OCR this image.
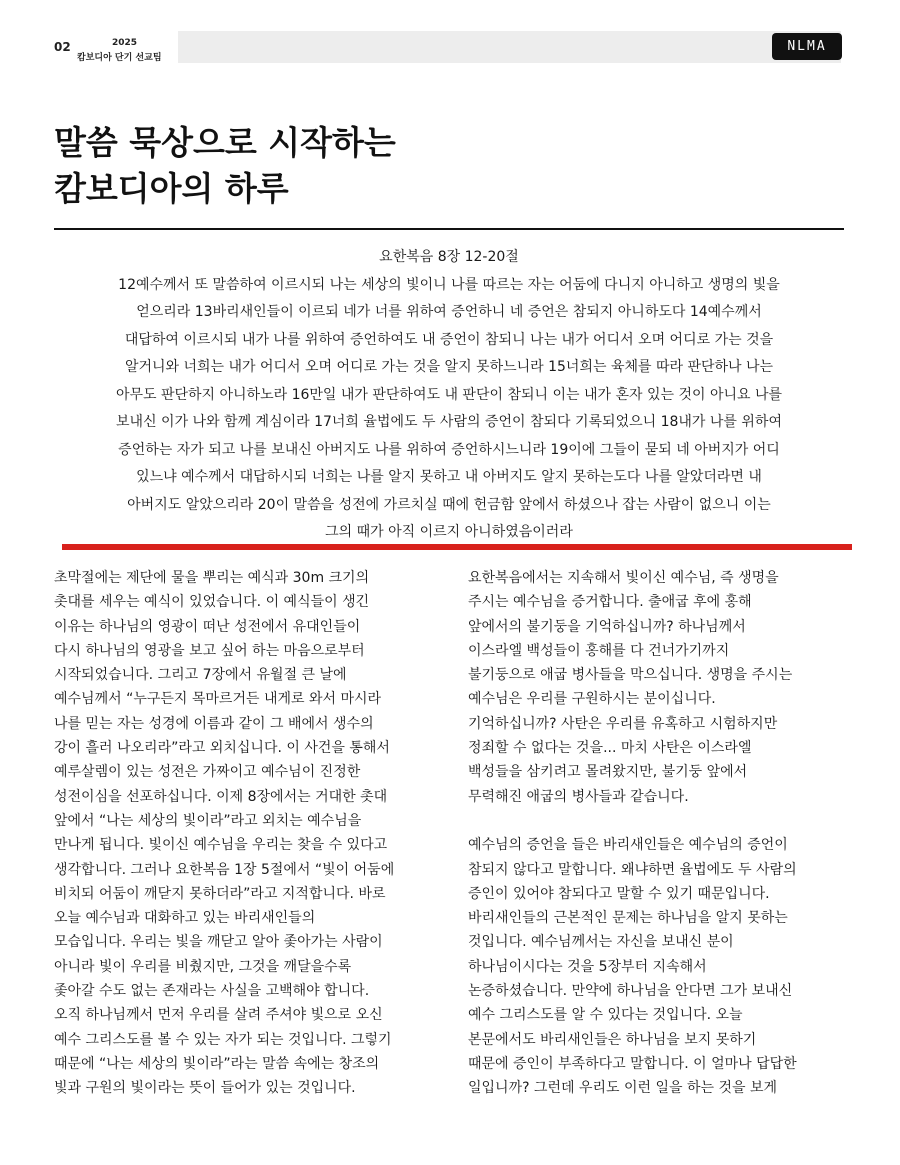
02	2025
캄보디아 단기 선교팀
NLMA
말씀 묵상으로 시작하는
캄보디아의 하루
요한복음 8장 12-20절
12예수께서 또 말씀하여 이르시되 나는 세상의 빛이니 나를 따르는 자는 어둠에 다니지 아니하고 생명의 빛을
얻으리라 13바리새인들이 이르되 네가 너를 위하여 증언하니 네 증언은 참되지 아니하도다 14예수께서
대답하여 이르시되 내가 나를 위하여 증언하여도 내 증언이 참되니 나는 내가 어디서 오며 어디로 가는 것을
알거니와 너희는 내가 어디서 오며 어디로 가는 것을 알지 못하느니라 15너희는 육체를 따라 판단하나 나는
아무도 판단하지 아니하노라 16만일 내가 판단하여도 내 판단이 참되니 이는 내가 혼자 있는 것이 아니요 나를
보내신 이가 나와 함께 계심이라 17너희 율법에도 두 사람의 증언이 참되다 기록되었으니 18내가 나를 위하여
증언하는 자가 되고 나를 보내신 아버지도 나를 위하여 증언하시느니라 19이에 그들이 묻되 네 아버지가 어디
있느냐 예수께서 대답하시되 너희는 나를 알지 못하고 내 아버지도 알지 못하는도다 나를 알았더라면 내
아버지도 알았으리라 20이 말씀을 성전에 가르치실 때에 헌금함 앞에서 하셨으나 잡는 사람이 없으니 이는
그의 때가 아직 이르지 아니하였음이러라
초막절에는 제단에 물을 뿌리는 예식과 30m 크기의
촛대를 세우는 예식이 있었습니다. 이 예식들이 생긴
이유는 하나님의 영광이 떠난 성전에서 유대인들이
다시 하나님의 영광을 보고 싶어 하는 마음으로부터
시작되었습니다. 그리고 7장에서 유월절 큰 날에
예수님께서 “누구든지 목마르거든 내게로 와서 마시라
나를 믿는 자는 성경에 이름과 같이 그 배에서 생수의
강이 흘러 나오리라”라고 외치십니다. 이 사건을 통해서
예루살렘이 있는 성전은 가짜이고 예수님이 진정한
성전이심을 선포하십니다. 이제 8장에서는 거대한 촛대
앞에서 “나는 세상의 빛이라”라고 외치는 예수님을
만나게 됩니다. 빛이신 예수님을 우리는 찾을 수 있다고
생각합니다. 그러나 요한복음 1장 5절에서 “빛이 어둠에
비치되 어둠이 깨닫지 못하더라”라고 지적합니다. 바로
오늘 예수님과 대화하고 있는 바리새인들의
모습입니다. 우리는 빛을 깨닫고 알아 좇아가는 사람이
아니라 빛이 우리를 비췄지만, 그것을 깨달을수록
좇아갈 수도 없는 존재라는 사실을 고백해야 합니다.
오직 하나님께서 먼저 우리를 살려 주셔야 빛으로 오신
예수 그리스도를 볼 수 있는 자가 되는 것입니다. 그렇기
때문에 “나는 세상의 빛이라”라는 말씀 속에는 창조의
빛과 구원의 빛이라는 뜻이 들어가 있는 것입니다.
요한복음에서는 지속해서 빛이신 예수님, 즉 생명을
주시는 예수님을 증거합니다. 출애굽 후에 홍해
앞에서의 불기둥을 기억하십니까? 하나님께서
이스라엘 백성들이 홍해를 다 건너가기까지
불기둥으로 애굽 병사들을 막으십니다. 생명을 주시는
예수님은 우리를 구원하시는 분이십니다.
기억하십니까? 사탄은 우리를 유혹하고 시험하지만
정죄할 수 없다는 것을... 마치 사탄은 이스라엘
백성들을 삼키려고 몰려왔지만, 불기둥 앞에서
무력해진 애굽의 병사들과 같습니다.
예수님의 증언을 들은 바리새인들은 예수님의 증언이
참되지 않다고 말합니다. 왜냐하면 율법에도 두 사람의
증인이 있어야 참되다고 말할 수 있기 때문입니다.
바리새인들의 근본적인 문제는 하나님을 알지 못하는
것입니다. 예수님께서는 자신을 보내신 분이
하나님이시다는 것을 5장부터 지속해서
논증하셨습니다. 만약에 하나님을 안다면 그가 보내신
예수 그리스도를 알 수 있다는 것입니다. 오늘
본문에서도 바리새인들은 하나님을 보지 못하기
때문에 증인이 부족하다고 말합니다. 이 얼마나 답답한
일입니까? 그런데 우리도 이런 일을 하는 것을 보게
